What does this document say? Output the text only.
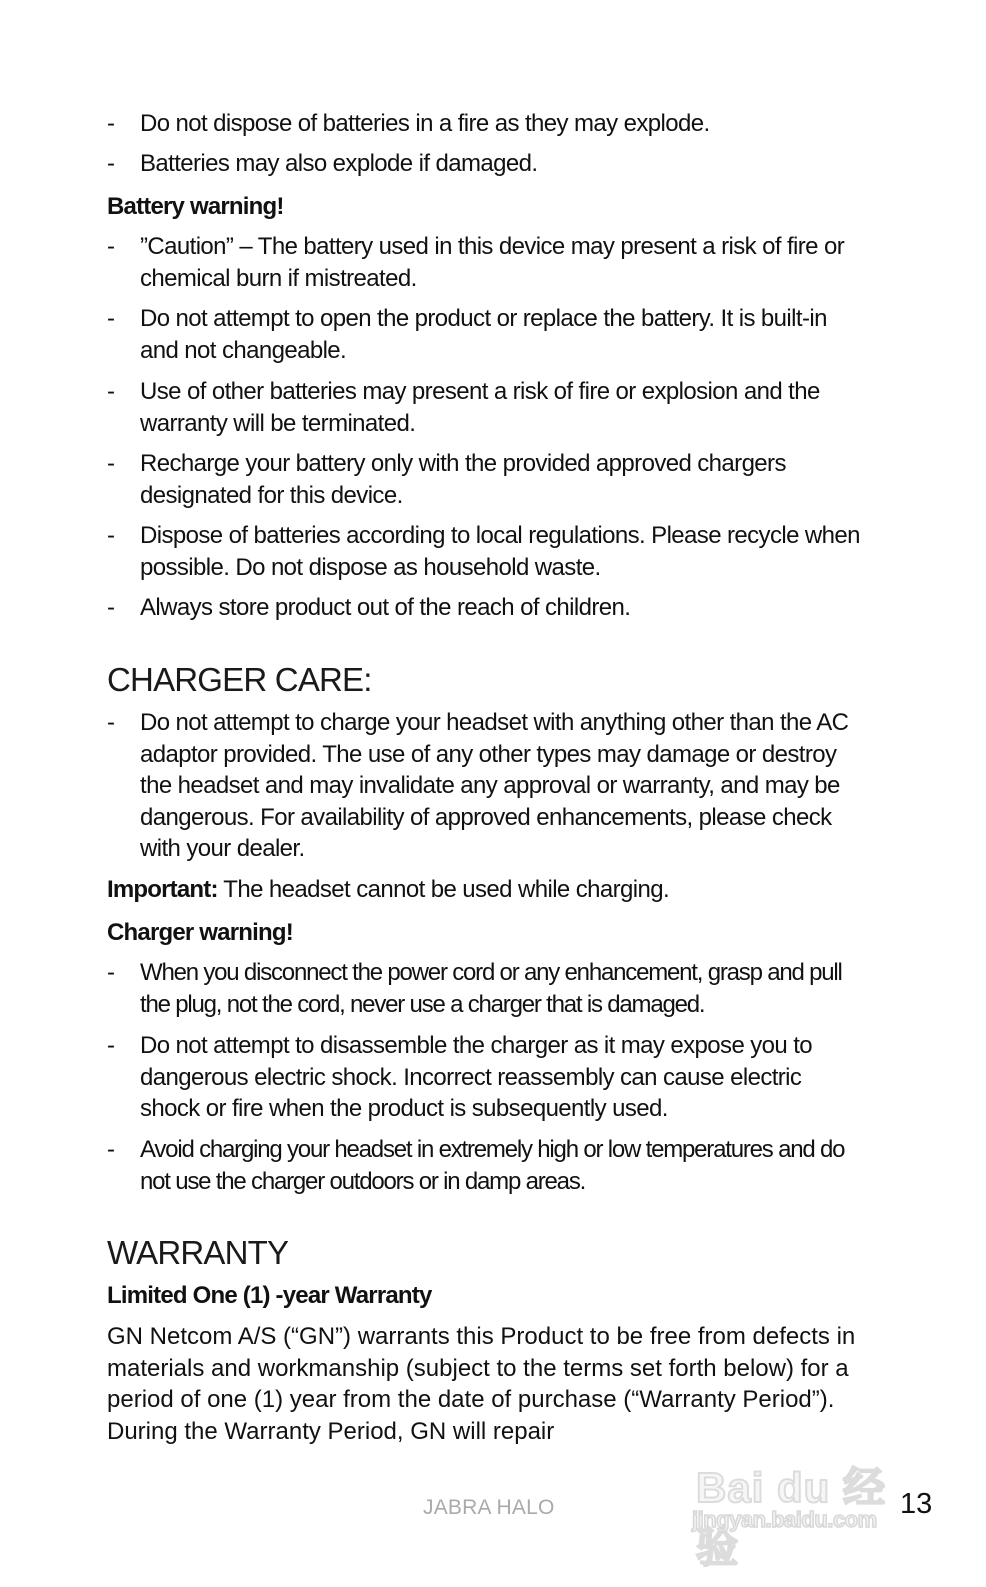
- Do not dispose of batteries in a fire as they may explode.
- Batteries may also explode if damaged.
Battery warning!
- ”Caution” – The battery used in this device may present a risk of fire or chemical burn if mistreated.
- Do not attempt to open the product or replace the battery. It is built-in and not changeable.
- Use of other batteries may present a risk of fire or explosion and the warranty will be terminated.
- Recharge your battery only with the provided approved chargers designated for this device.
- Dispose of batteries according to local regulations. Please recycle when possible. Do not dispose as household waste.
- Always store product out of the reach of children.
CHARGER CARE:
- Do not attempt to charge your headset with anything other than the AC adaptor provided. The use of any other types may damage or destroy the headset and may invalidate any approval or warranty, and may be dangerous. For availability of approved enhancements, please check with your dealer.
Important: The headset cannot be used while charging.
Charger warning!
- When you disconnect the power cord or any enhancement, grasp and pull the plug, not the cord, never use a charger that is damaged.
- Do not attempt to disassemble the charger as it may expose you to dangerous electric shock. Incorrect reassembly can cause electric shock or fire when the product is subsequently used.
- Avoid charging your headset in extremely high or low temperatures and do not use the charger outdoors or in damp areas.
WARRANTY
Limited One (1) -year Warranty
GN Netcom A/S (“GN”) warrants this Product to be free from defects in materials and workmanship (subject to the terms set forth below) for a period of one (1) year from the date of purchase (“Warranty Period”). During the Warranty Period, GN will repair
Bai du 经验
jingyan.baidu.com
JABRA HALO	13
